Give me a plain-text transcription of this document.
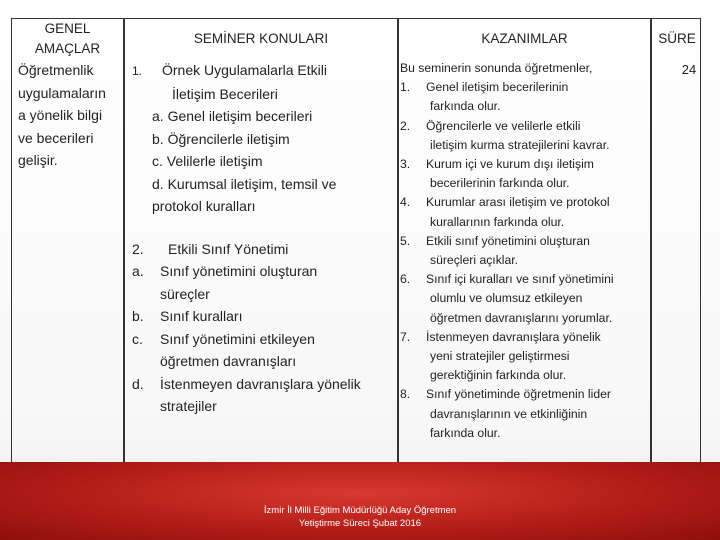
GENEL
AMAÇLAR
SEMİNER KONULARI	KAZANIMLAR	SÜRE
Öğretmenlik
uygulamaların
a yönelik bilgi
ve becerileri
gelişir.
1. Örnek Uygulamalarla Etkili
İletişim Becerileri
a. Genel iletişim becerileri
b. Öğrencilerle iletişim
c. Velilerle iletişim
d. Kurumsal iletişim, temsil ve
protokol kuralları
2. Etkili Sınıf Yönetimi
a. Sınıf yönetimini oluşturan
süreçler
b. Sınıf kuralları
c. Sınıf yönetimini etkileyen
öğretmen davranışları
d. İstenmeyen davranışlara yönelik
stratejiler
Bu seminerin sonunda öğretmenler,
1. Genel iletişim becerilerinin
farkında olur.
2. Öğrencilerle ve velilerle etkili
iletişim kurma stratejilerini kavrar.
3. Kurum içi ve kurum dışı iletişim
becerilerinin farkında olur.
4. Kurumlar arası iletişim ve protokol
kurallarının farkında olur.
5. Etkili sınıf yönetimini oluşturan
süreçleri açıklar.
6. Sınıf içi kuralları ve sınıf yönetimini
olumlu ve olumsuz etkileyen
öğretmen davranışlarını yorumlar.
7. İstenmeyen davranışlara yönelik
yeni stratejiler geliştirmesi
gerektiğinin farkında olur.
8. Sınıf yönetiminde öğretmenin lider
davranışlarının ve etkinliğinin
farkında olur.
24
İzmir İl Milli Eğitim Müdürlüğü Aday Öğretmen
Yetiştirme Süreci Şubat 2016
